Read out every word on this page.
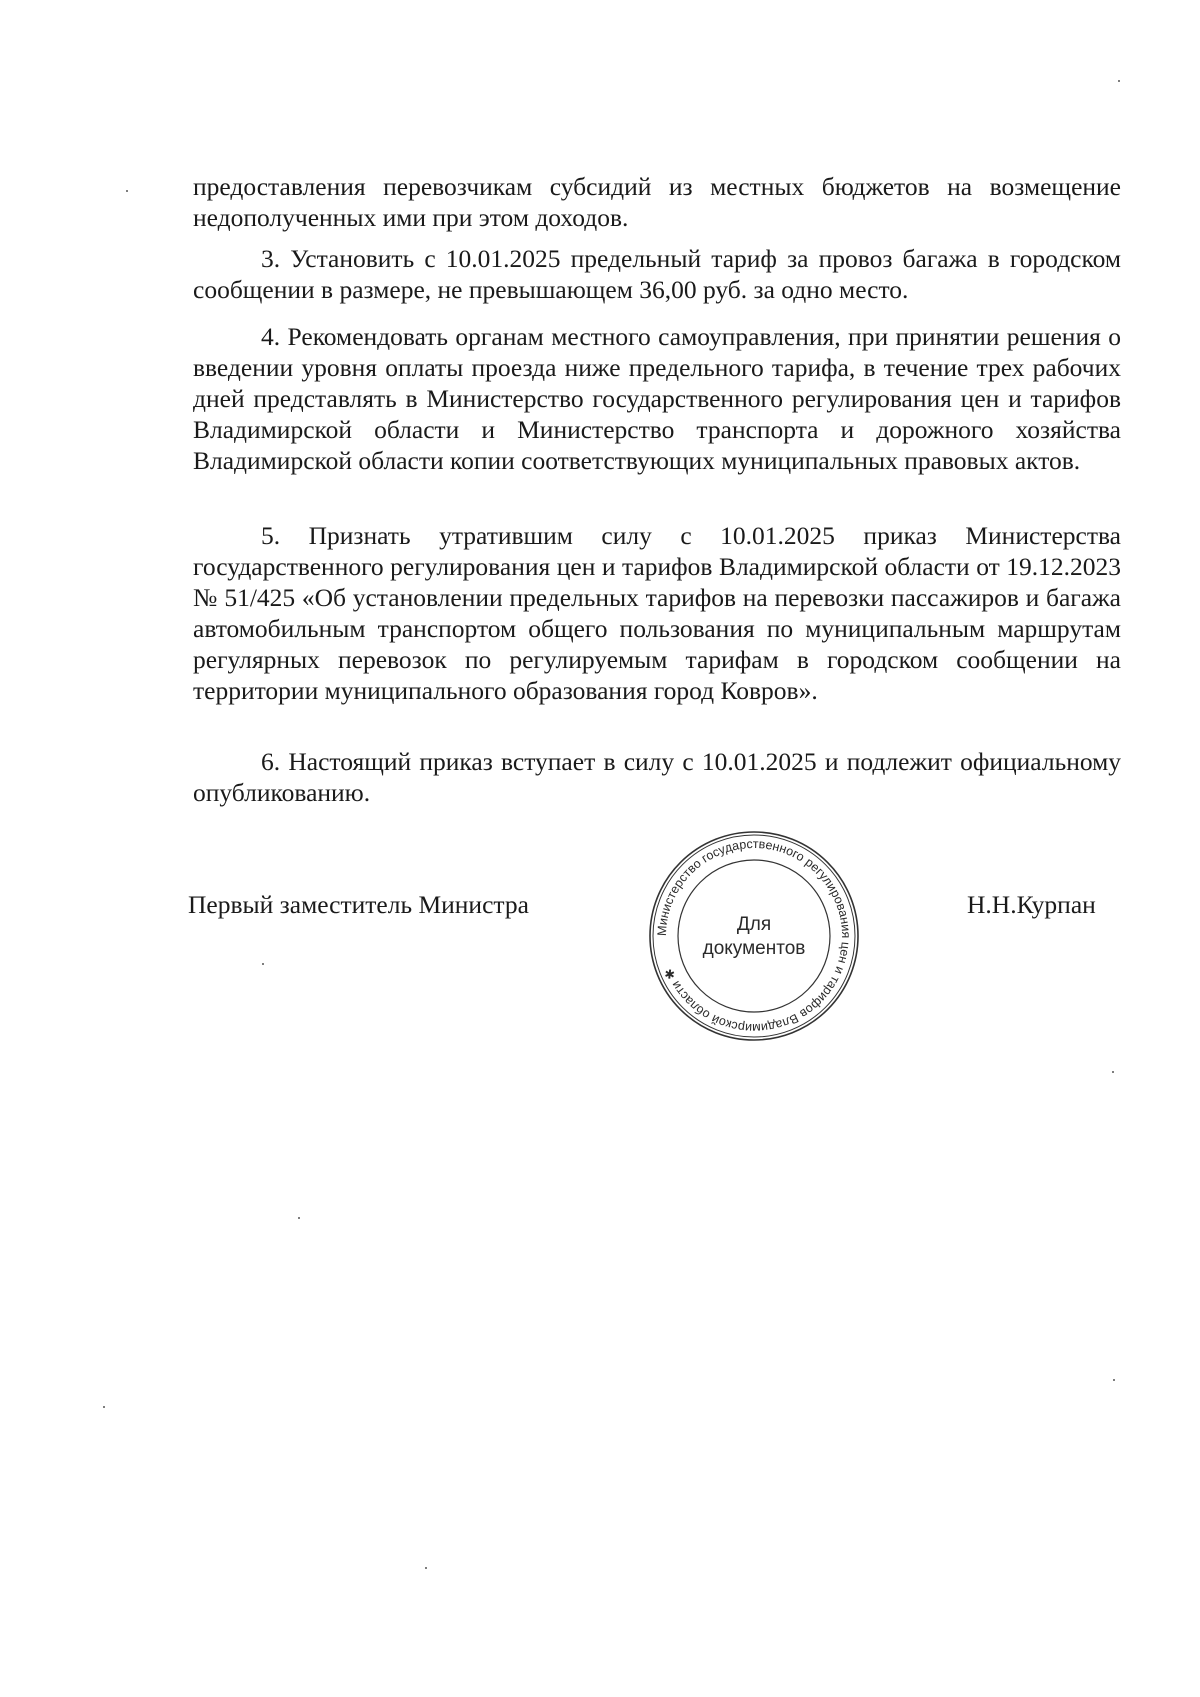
предоставления перевозчикам субсидий из местных бюджетов на возмещение недополученных ими при этом доходов.

3. Установить с 10.01.2025 предельный тариф за провоз багажа в городском сообщении в размере, не превышающем 36,00 руб. за одно место.

4. Рекомендовать органам местного самоуправления, при принятии решения о введении уровня оплаты проезда ниже предельного тарифа, в течение трех рабочих дней представлять в Министерство государственного регулирования цен и тарифов Владимирской области и Министерство транспорта и дорожного хозяйства Владимирской области копии соответствующих муниципальных правовых актов.

5. Признать утратившим силу с 10.01.2025 приказ Министерства государственного регулирования цен и тарифов Владимирской области от 19.12.2023 № 51/425 «Об установлении предельных тарифов на перевозки пассажиров и багажа автомобильным транспортом общего пользования по муниципальным маршрутам регулярных перевозок по регулируемым тарифам в городском сообщении на территории муниципального образования город Ковров».

6. Настоящий приказ вступает в силу с 10.01.2025 и подлежит официальному опубликованию.

Первый заместитель Министра
Министерство государственного регулирования цен и тарифов Владимирской области ✱
Для
документов
Н.Н.Курпан
